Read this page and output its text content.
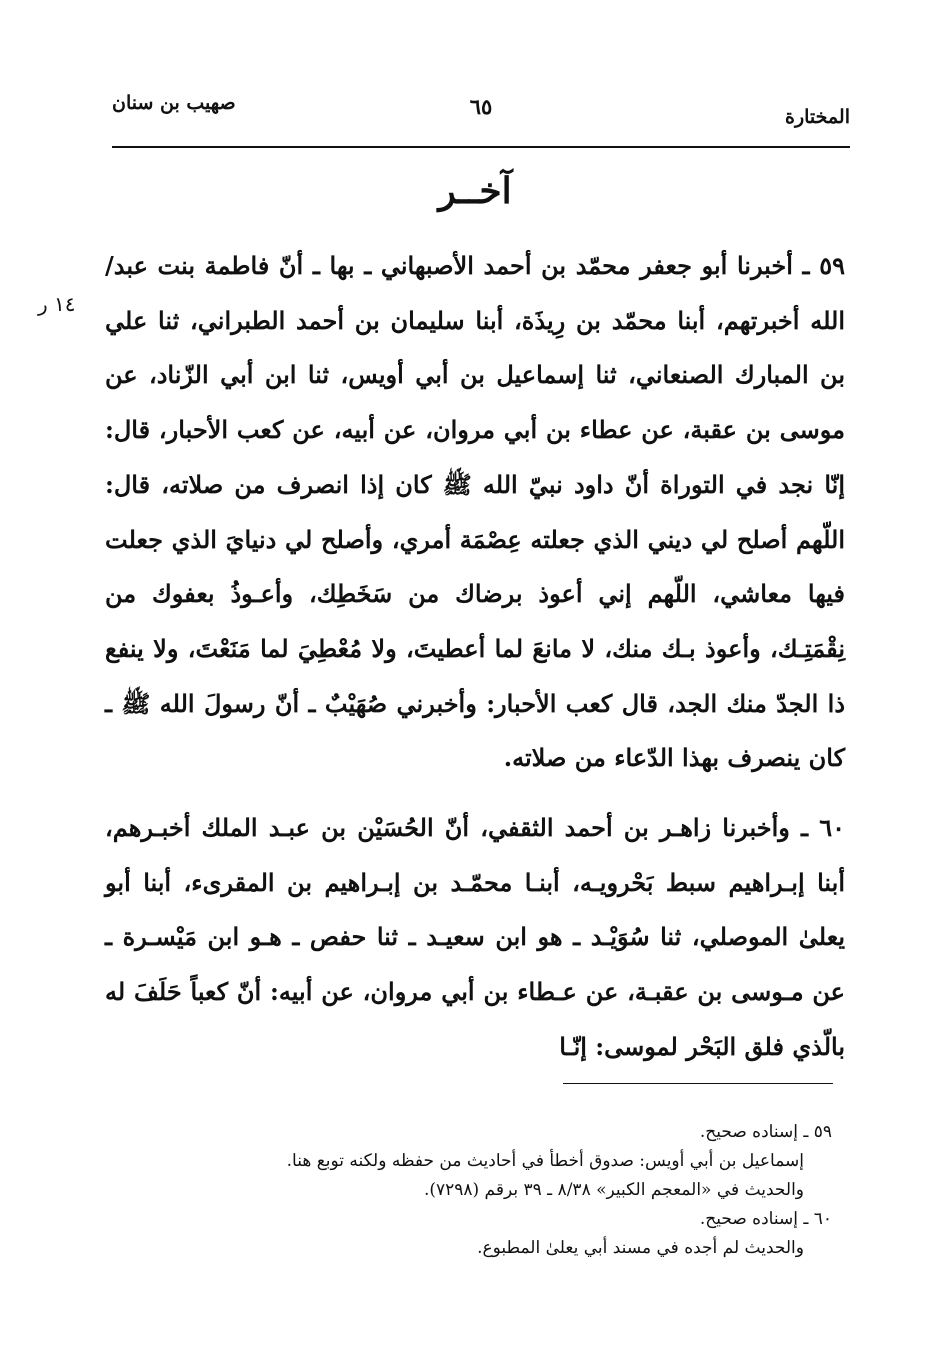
المختارة
٦٥
صهيب بن سنان
آخــر
١٤ ر
٥٩ ـ أخبرنا أبو جعفر محمّد بن أحمد الأصبهاني ـ بها ـ أنّ فاطمة بنت عبد/ الله أخبرتهم، أبنا محمّد بن رِيذَة، أبنا سليمان بن أحمد الطبراني، ثنا علي بن المبارك الصنعاني، ثنا إسماعيل بن أبي أويس، ثنا ابن أبي الزّناد، عن موسى بن عقبة، عن عطاء بن أبي مروان، عن أبيه، عن كعب الأحبار، قال: إنّا نجد في التوراة أنّ داود نبيّ الله ﷺ كان إذا انصرف من صلاته، قال: اللّهم أصلح لي ديني الذي جعلته عِصْمَة أمري، وأصلح لي دنيايَ الذي جعلت فيها معاشي، اللّهم إني أعوذ برضاك من سَخَطِك، وأعـوذُ بعفوك من نِقْمَتِـك، وأعوذ بـك منك، لا مانعَ لما أعطيتَ، ولا مُعْطِيَ لما مَنَعْتَ، ولا ينفع ذا الجدّ منك الجد، قال كعب الأحبار: وأخبرني صُهَيْبٌ ـ أنّ رسولَ الله ﷺ ـ كان ينصرف بهذا الدّعاء من صلاته.
٦٠ ـ وأخبرنا زاهـر بن أحمد الثقفي، أنّ الحُسَيْن بن عبـد الملك أخبـرهم، أبنا إبـراهيم سبط بَحْرويـه، أبنـا محمّـد بن إبـراهيم بن المقرىء، أبنا أبو يعلىٰ الموصلي، ثنا سُوَيْـد ـ هو ابن سعيـد ـ ثنا حفص ـ هـو ابن مَيْسـرة ـ عن مـوسى بن عقبـة، عن عـطاء بن أبي مروان، عن أبيه: أنّ كعباً حَلَفَ له بالّذي فلق البَحْر لموسى: إنّـا
٥٩ ـ إسناده صحيح.
إسماعيل بن أبي أويس: صدوق أخطأ في أحاديث من حفظه ولكنه توبع هنا.
والحديث في «المعجم الكبير» ٨/٣٨ ـ ٣٩ برقم (٧٢٩٨).
٦٠ ـ إسناده صحيح.
والحديث لم أجده في مسند أبي يعلىٰ المطبوع.
